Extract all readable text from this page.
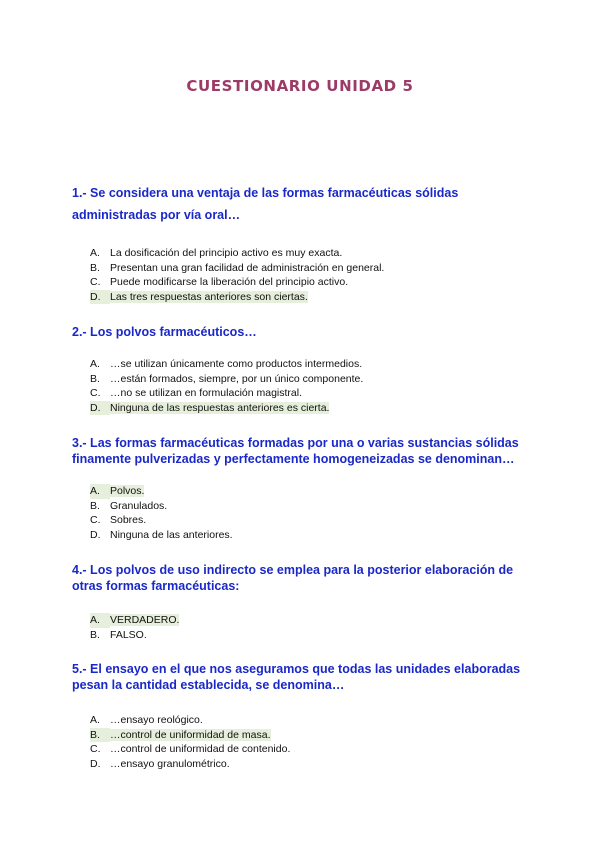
CUESTIONARIO UNIDAD 5
1.- Se considera una ventaja de las formas farmacéuticas sólidas administradas por vía oral…
A. La dosificación del principio activo es muy exacta.
B. Presentan una gran facilidad de administración en general.
C. Puede modificarse la liberación del principio activo.
D. Las tres respuestas anteriores son ciertas.
2.- Los polvos farmacéuticos…
A. …se utilizan únicamente como productos intermedios.
B. …están formados, siempre, por un único componente.
C. …no se utilizan en formulación magistral.
D. Ninguna de las respuestas anteriores es cierta.
3.- Las formas farmacéuticas formadas por una o varias sustancias sólidas finamente pulverizadas y perfectamente homogeneizadas se denominan…
A. Polvos.
B. Granulados.
C. Sobres.
D. Ninguna de las anteriores.
4.- Los polvos de uso indirecto se emplea para la posterior elaboración de otras formas farmacéuticas:
A. VERDADERO.
B. FALSO.
5.- El ensayo en el que nos aseguramos que todas las unidades elaboradas pesan la cantidad establecida, se denomina…
A. …ensayo reológico.
B. …control de uniformidad de masa.
C. …control de uniformidad de contenido.
D. …ensayo granulométrico.
